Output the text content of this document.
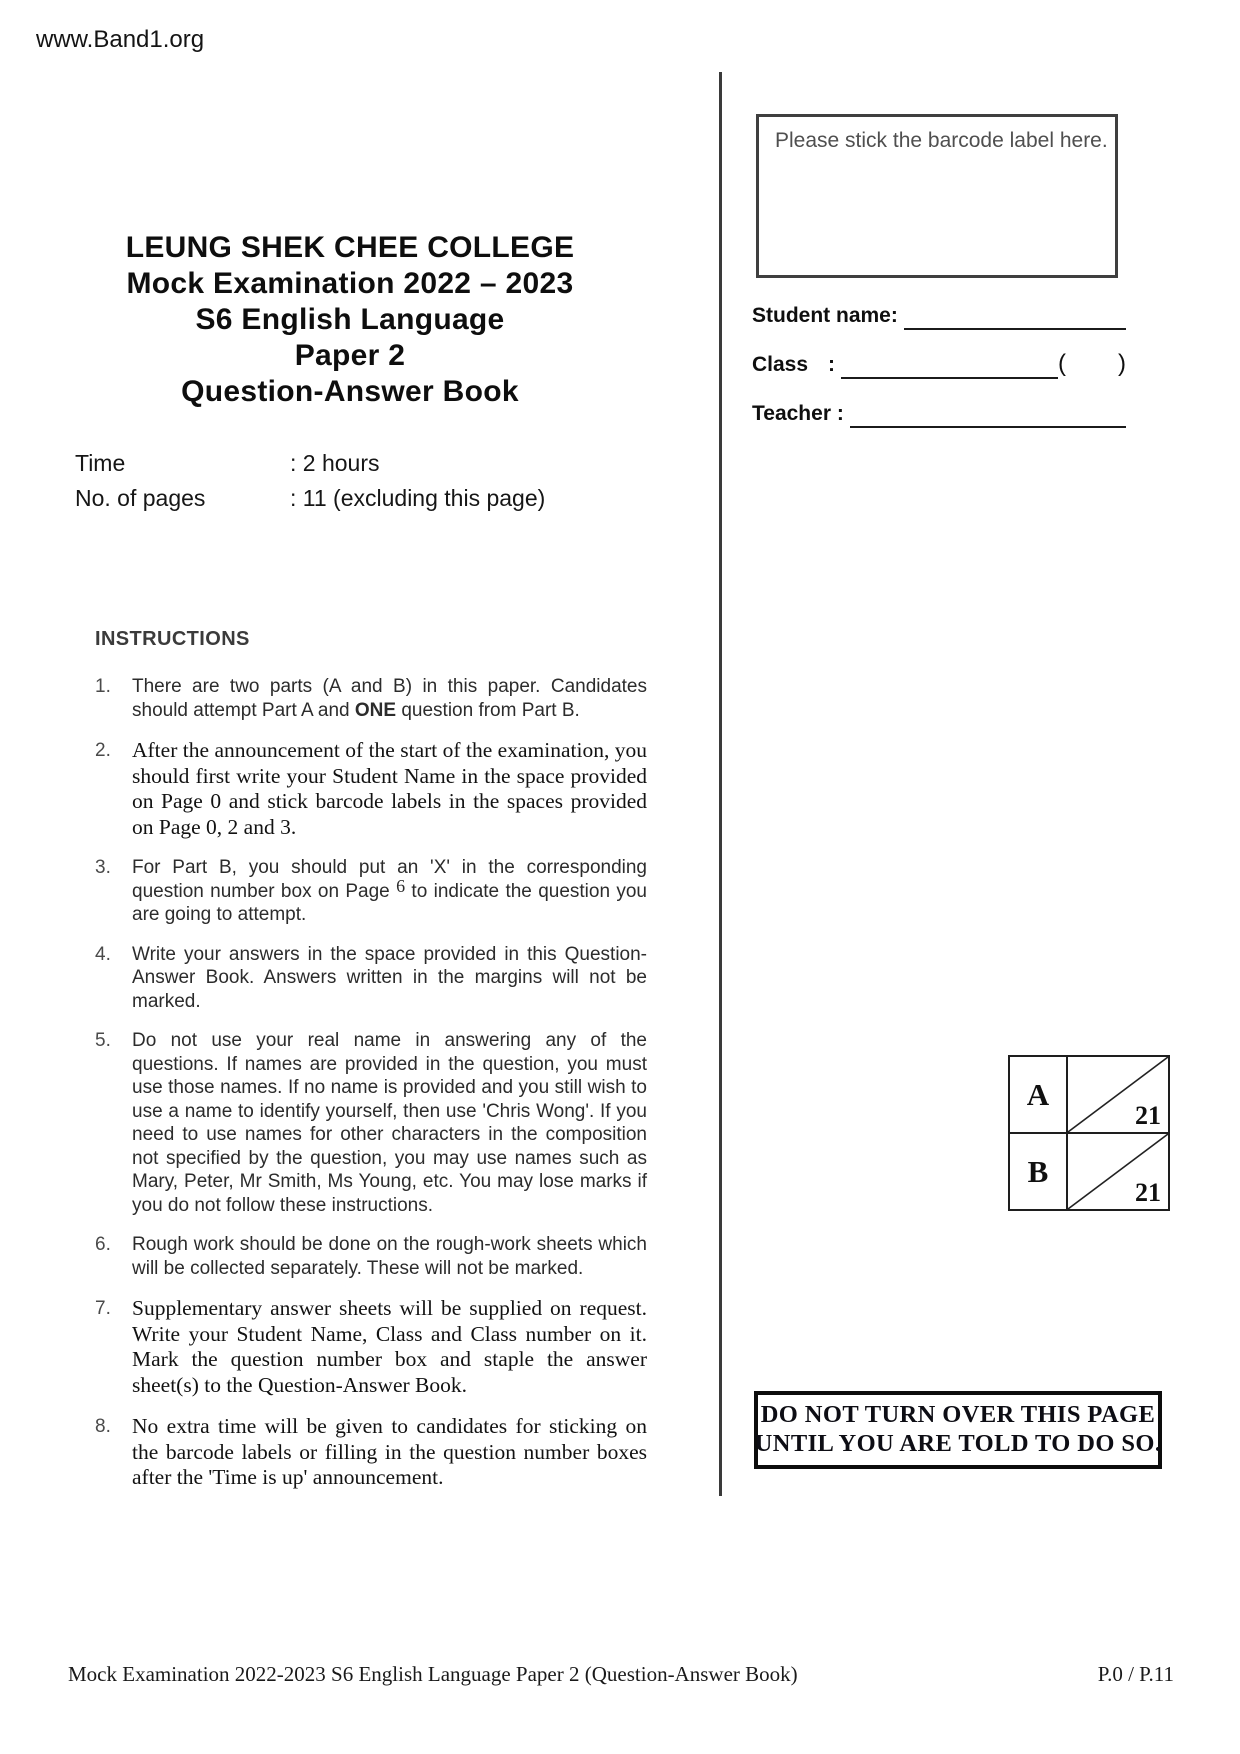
www.Band1.org
LEUNG SHEK CHEE COLLEGE
Mock Examination 2022 – 2023
S6 English Language
Paper 2
Question-Answer Book
Time	: 2 hours
No. of pages	: 11 (excluding this page)
INSTRUCTIONS
1.	There are two parts (A and B) in this paper. Candidates should attempt Part A and ONE question from Part B.
2. After the announcement of the start of the examination, you should first write your Student Name in the space provided on Page 0 and stick barcode labels in the spaces provided on Page 0, 2 and 3.
3.	For Part B, you should put an 'X' in the corresponding question number box on Page 6 to indicate the question you are going to attempt.
4.	Write your answers in the space provided in this Question-Answer Book. Answers written in the margins will not be marked.
5.	Do not use your real name in answering any of the questions. If names are provided in the question, you must use those names. If no name is provided and you still wish to use a name to identify yourself, then use 'Chris Wong'. If you need to use names for other characters in the composition not specified by the question, you may use names such as Mary, Peter, Mr Smith, Ms Young, etc. You may lose marks if you do not follow these instructions.
6.	Rough work should be done on the rough-work sheets which will be collected separately. These will not be marked.
7. Supplementary answer sheets will be supplied on request. Write your Student Name, Class and Class number on it. Mark the question number box and staple the answer sheet(s) to the Question-Answer Book.
8. No extra time will be given to candidates for sticking on the barcode labels or filling in the question number boxes after the 'Time is up' announcement.
Please stick the barcode label here.
Student name:
Class :	( )
Teacher :
A
21
B
21
DO NOT TURN OVER THIS PAGE
UNTIL YOU ARE TOLD TO DO SO.
Mock Examination 2022-2023 S6 English Language Paper 2 (Question-Answer Book)	P.0 / P.11
